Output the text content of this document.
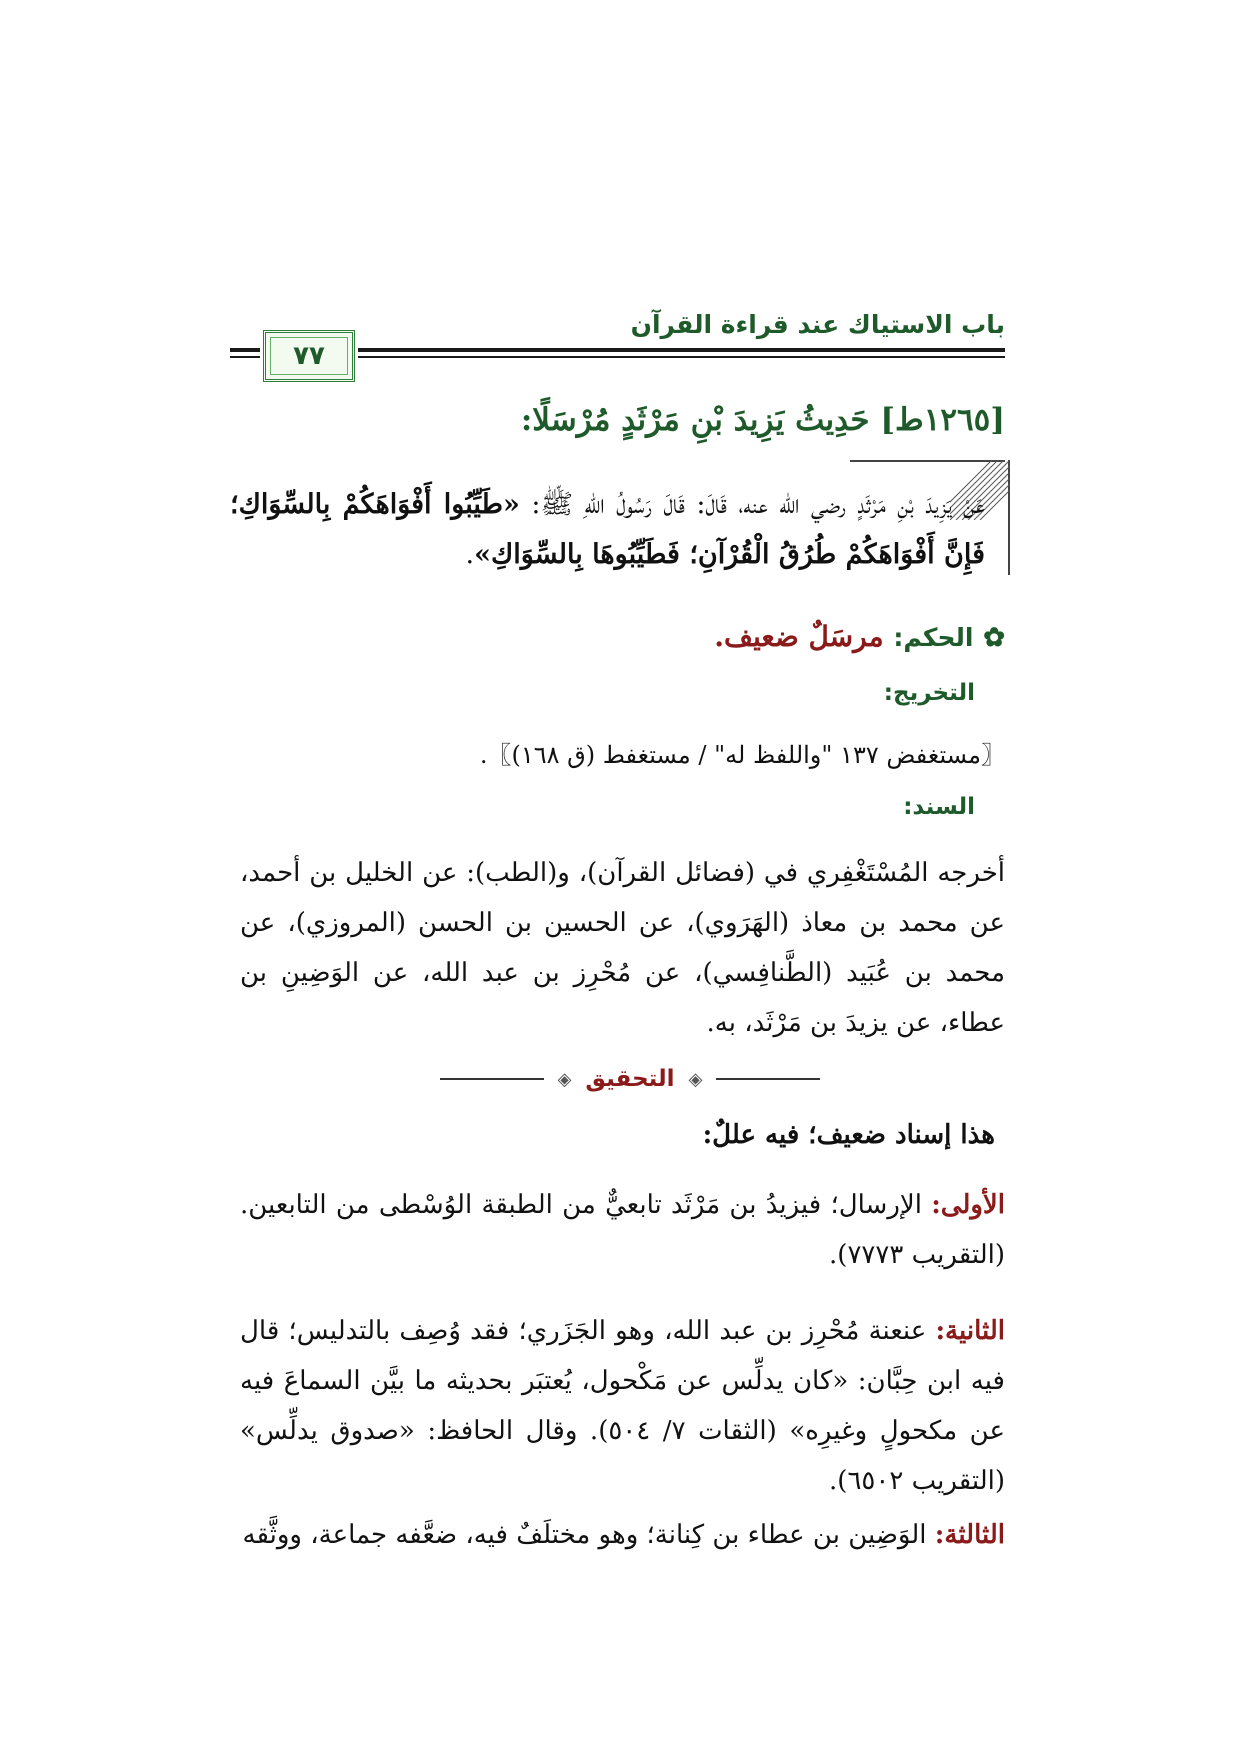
باب الاستياك عند قراءة القرآن
٧٧
[١٢٦٥ط] حَدِيثُ يَزِيدَ بْنِ مَرْثَدٍ مُرْسَلًا:
عَنْ يَزِيدَ بْنِ مَرْثَدٍ رضي الله عنه، قَالَ: قَالَ رَسُولُ اللهِ ﷺ: «طَيِّبُوا أَفْوَاهَكُمْ بِالسِّوَاكِ؛ فَإِنَّ أَفْوَاهَكُمْ طُرُقُ الْقُرْآنِ؛ فَطَيِّبُوهَا بِالسِّوَاكِ».
✿ الحكم: مرسَلٌ ضعيف.
التخريج:
〖مستغفض ١٣٧ "واللفظ له" / مستغفط (ق ١٦٨)〗.
السند:
أخرجه المُسْتَغْفِري في (فضائل القرآن)، و(الطب): عن الخليل بن أحمد، عن محمد بن معاذ (الهَرَوي)، عن الحسين بن الحسن (المروزي)، عن محمد بن عُبَيد (الطَّنافِسي)، عن مُحْرِز بن عبد الله، عن الوَضِينِ بن عطاء، عن يزيدَ بن مَرْثَد، به.
◈
التحقيق
◈
هذا إسناد ضعيف؛ فيه عللٌ:
الأولى: الإرسال؛ فيزيدُ بن مَرْثَد تابعيٌّ من الطبقة الوُسْطى من التابعين. (التقريب ٧٧٧٣).
الثانية: عنعنة مُحْرِز بن عبد الله، وهو الجَزَري؛ فقد وُصِف بالتدليس؛ قال فيه ابن حِبَّان: «كان يدلِّس عن مَكْحول، يُعتبَر بحديثه ما بيَّن السماعَ فيه عن مكحولٍ وغيرِه» (الثقات ٧/ ٥٠٤). وقال الحافظ: «صدوق يدلِّس» (التقريب ٦٥٠٢).
الثالثة: الوَضِين بن عطاء بن كِنانة؛ وهو مختلَفٌ فيه، ضعَّفه جماعة، ووثَّقه
